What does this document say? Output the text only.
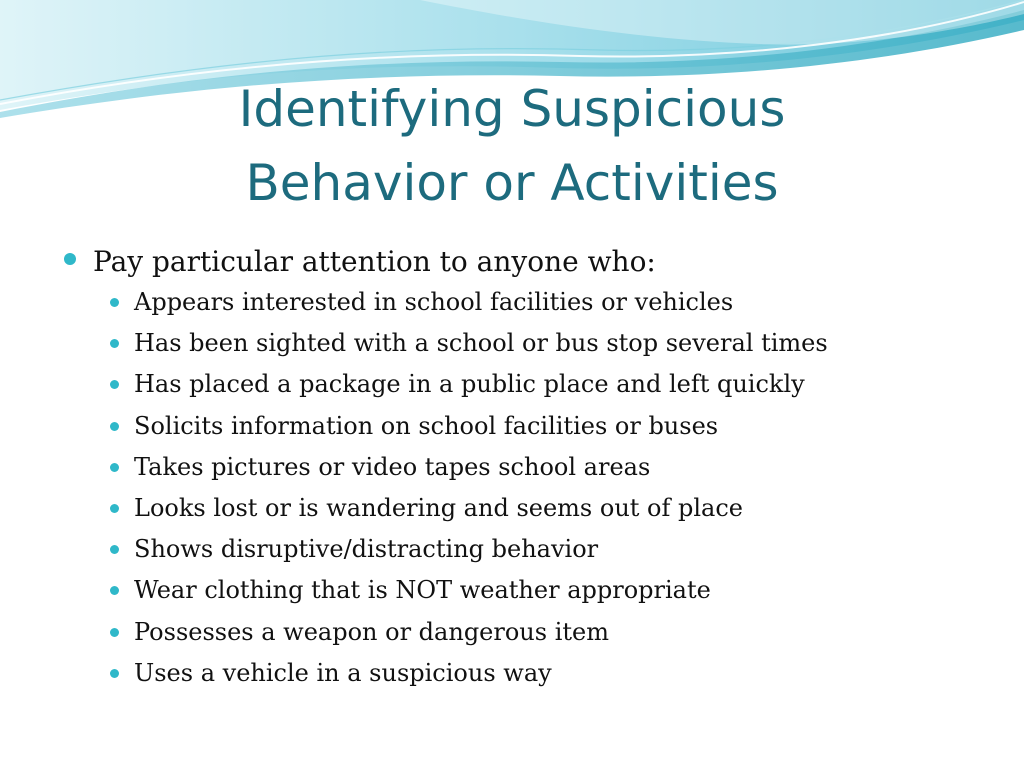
Identifying Suspicious
Behavior or Activities
Pay particular attention to anyone who:
Appears interested in school facilities or vehicles
Has been sighted with a school or bus stop several times
Has placed a package in a public place and left quickly
Solicits information on school facilities or buses
Takes pictures or video tapes school areas
Looks lost or is wandering and seems out of place
Shows disruptive/distracting behavior
Wear clothing that is NOT weather appropriate
Possesses a weapon or dangerous item
Uses a vehicle in a suspicious way
